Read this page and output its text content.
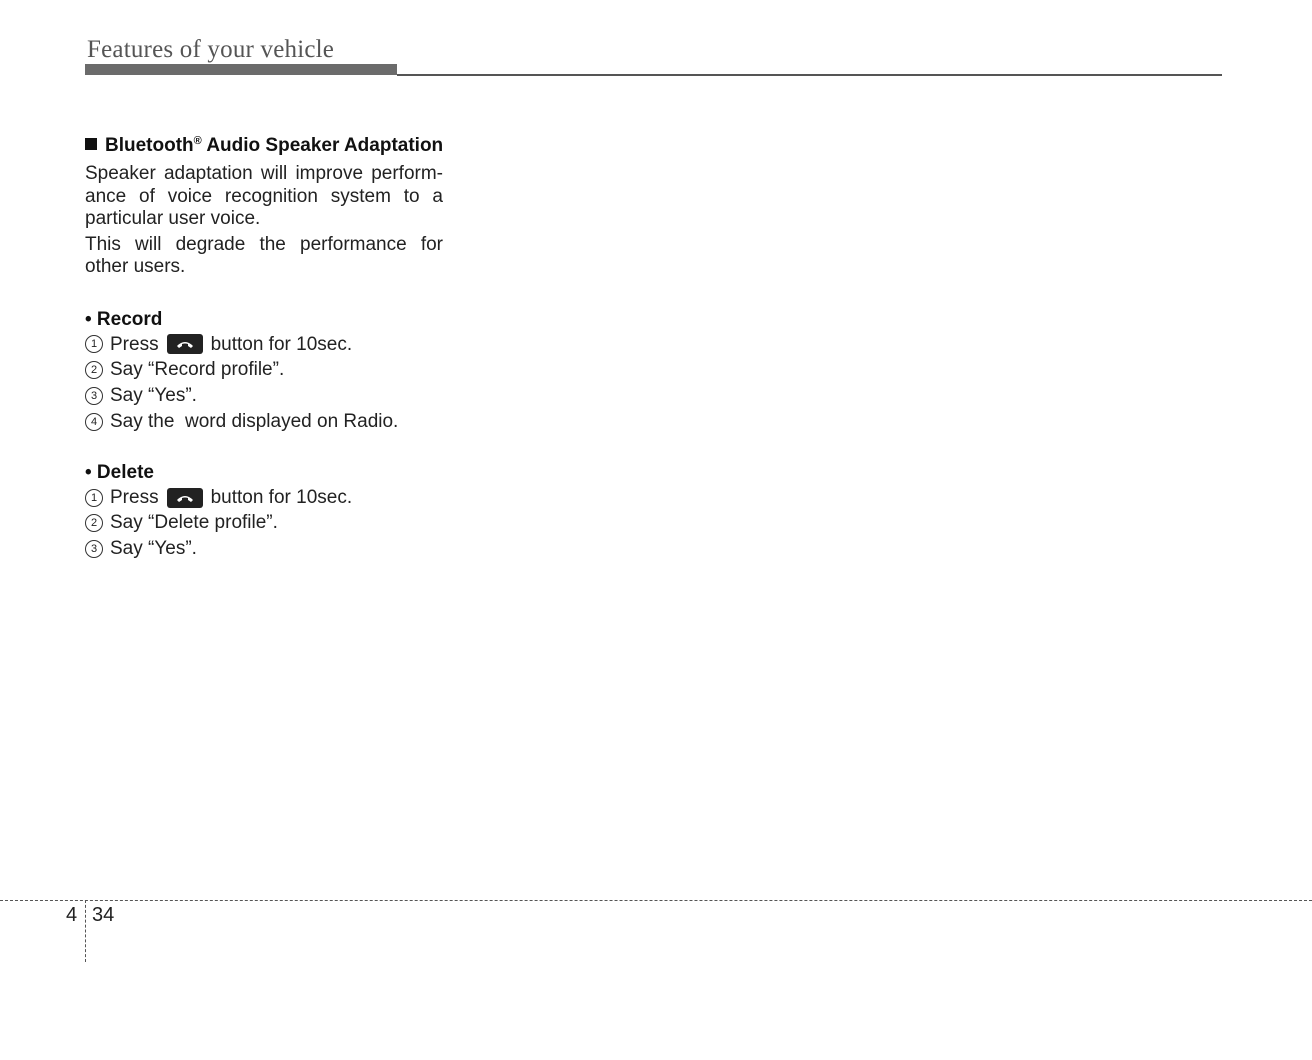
Features of your vehicle
Bluetooth® Audio Speaker Adaptation

Speaker adaptation will improve perform-ance of voice recognition system to a particular user voice.

This will degrade the performance for other users.

• Record
1 Press	button for 10sec.
2 Say “Record profile”.
3 Say “Yes”.
4 Say the  word displayed on Radio.
• Delete
1 Press	button for 10sec.
2 Say “Delete profile”.
3 Say “Yes”.
4 34
